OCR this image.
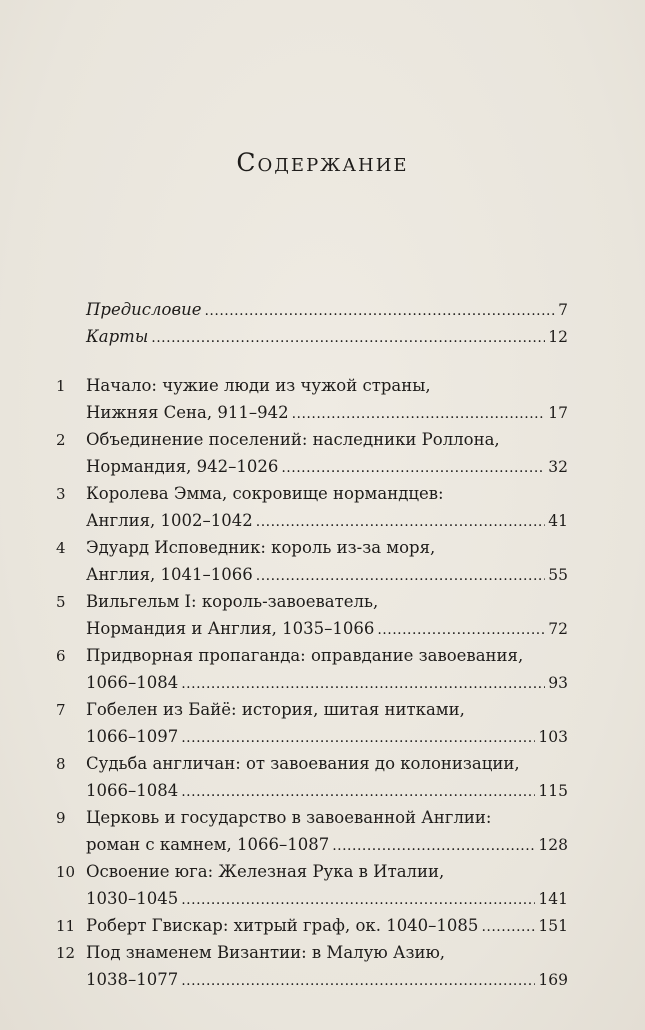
Содержание
Предисловие .....	7
Карты .....	12
1	Начало: чужие люди из чужой страны,
Нижняя Сена, 911–942 .....	17
2	Объединение поселений: наследники Роллона,
Нормандия, 942–1026 .....	32
3	Королева Эмма, сокровище нормандцев:
Англия, 1002–1042 .....	41
4	Эдуард Исповедник: король из-за моря,
Англия, 1041–1066 .....	55
5	Вильгельм I: король-завоеватель,
Нормандия и Англия, 1035–1066 .....	72
6	Придворная пропаганда: оправдание завоевания,
1066–1084 .....	93
7	Гобелен из Байё: история, шитая нитками,
1066–1097 .....	103
8	Судьба англичан: от завоевания до колонизации,
1066–1084 .....	115
9	Церковь и государство в завоеванной Англии:
роман с камнем, 1066–1087 .....	128
10 Освоение юга: Железная Рука в Италии,
1030–1045 .....	141
11 Роберт Гвискар: хитрый граф, ок. 1040–1085 .....	151
12 Под знаменем Византии: в Малую Азию,
1038–1077 .....	169
